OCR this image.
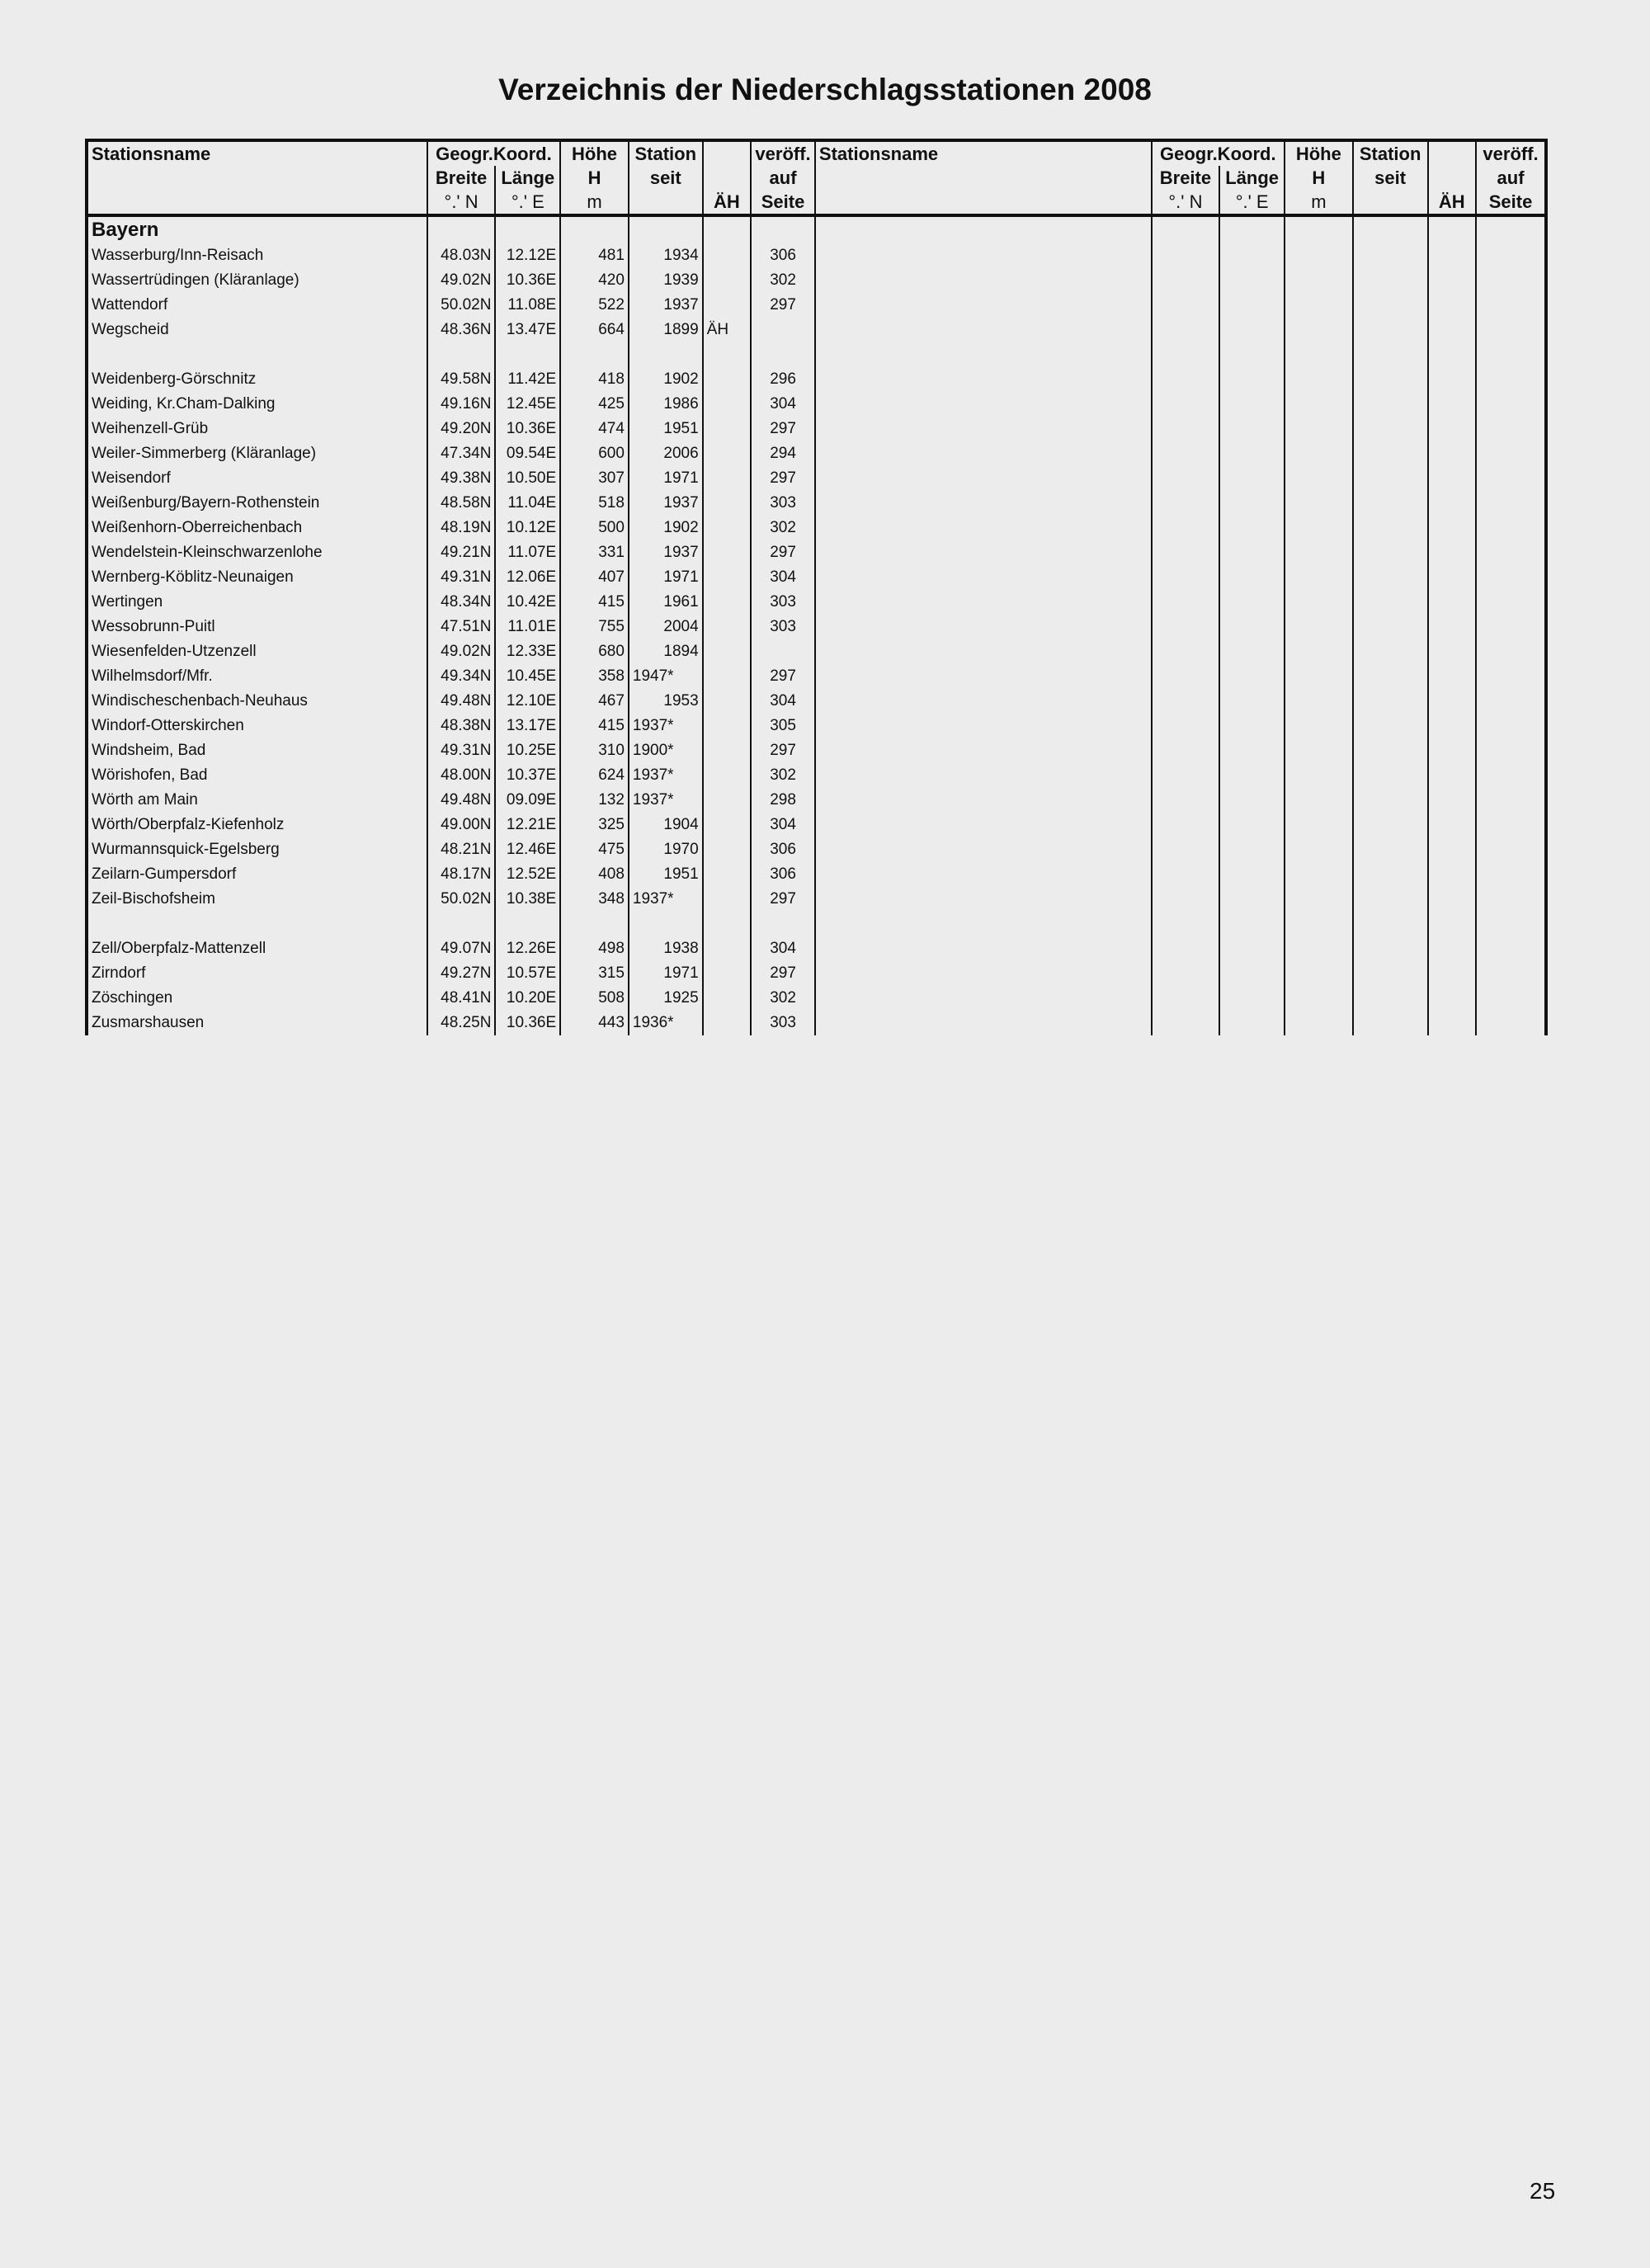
Verzeichnis der Niederschlagsstationen 2008
Stationsname	Geogr.Koord.		Höhe	Station		veröff.	Stationsname	Geogr.Koord.		Höhe	Station		veröff.
	Breite	Länge	H	seit		auf		Breite	Länge	H	seit		auf
	°.' N	°.' E	m		ÄH	Seite		°.' N	°.' E	m		ÄH	Seite
Bayern													
Wasserburg/Inn-Reisach	48.03N	12.12E	481	1934		306							
Wassertrüdingen (Kläranlage)	49.02N	10.36E	420	1939		302							
Wattendorf	50.02N	11.08E	522	1937		297							
Wegscheid	48.36N	13.47E	664	1899	ÄH								

Weidenberg-Görschnitz	49.58N	11.42E	418	1902		296							
Weiding, Kr.Cham-Dalking	49.16N	12.45E	425	1986		304							
Weihenzell-Grüb	49.20N	10.36E	474	1951		297							
Weiler-Simmerberg (Kläranlage)	47.34N	09.54E	600	2006		294							
Weisendorf	49.38N	10.50E	307	1971		297							
Weißenburg/Bayern-Rothenstein	48.58N	11.04E	518	1937		303							
Weißenhorn-Oberreichenbach	48.19N	10.12E	500	1902		302							
Wendelstein-Kleinschwarzenlohe	49.21N	11.07E	331	1937		297							
Wernberg-Köblitz-Neunaigen	49.31N	12.06E	407	1971		304							
Wertingen	48.34N	10.42E	415	1961		303							
Wessobrunn-Puitl	47.51N	11.01E	755	2004		303							
Wiesenfelden-Utzenzell	49.02N	12.33E	680	1894									
Wilhelmsdorf/Mfr.	49.34N	10.45E	358	1947*		297							
Windischeschenbach-Neuhaus	49.48N	12.10E	467	1953		304							
Windorf-Otterskirchen	48.38N	13.17E	415	1937*		305							
Windsheim, Bad	49.31N	10.25E	310	1900*		297							
Wörishofen, Bad	48.00N	10.37E	624	1937*		302							
Wörth am Main	49.48N	09.09E	132	1937*		298							
Wörth/Oberpfalz-Kiefenholz	49.00N	12.21E	325	1904		304							
Wurmannsquick-Egelsberg	48.21N	12.46E	475	1970		306							
Zeilarn-Gumpersdorf	48.17N	12.52E	408	1951		306							
Zeil-Bischofsheim	50.02N	10.38E	348	1937*		297							

Zell/Oberpfalz-Mattenzell	49.07N	12.26E	498	1938		304							
Zirndorf	49.27N	10.57E	315	1971		297							
Zöschingen	48.41N	10.20E	508	1925		302							
Zusmarshausen	48.25N	10.36E	443	1936*		303							
25
